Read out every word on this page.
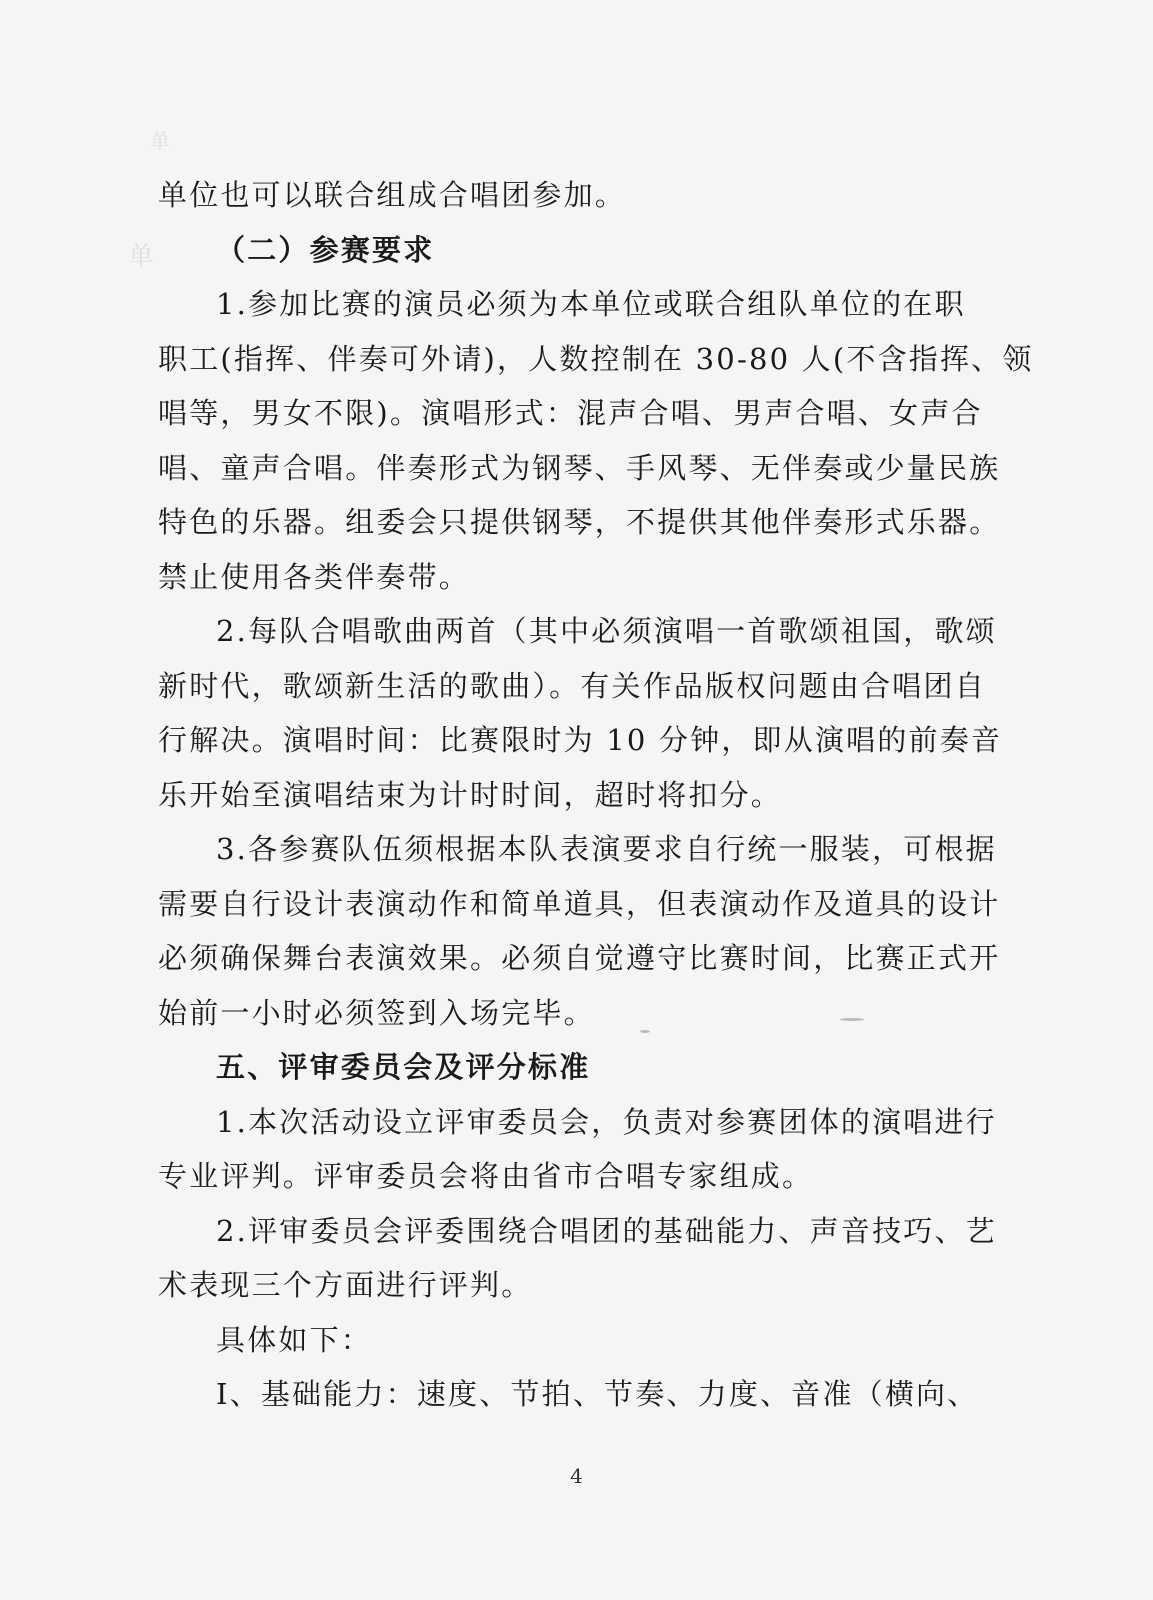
单
单
单位也可以联合组成合唱团参加。
（二）参赛要求
1.参加比赛的演员必须为本单位或联合组队单位的在职
职工(指挥、伴奏可外请)，人数控制在 30-80 人(不含指挥、领
唱等，男女不限)。演唱形式：混声合唱、男声合唱、女声合
唱、童声合唱。伴奏形式为钢琴、手风琴、无伴奏或少量民族
特色的乐器。组委会只提供钢琴，不提供其他伴奏形式乐器。
禁止使用各类伴奏带。
2.每队合唱歌曲两首（其中必须演唱一首歌颂祖国，歌颂
新时代，歌颂新生活的歌曲）。有关作品版权问题由合唱团自
行解决。演唱时间：比赛限时为 10 分钟，即从演唱的前奏音
乐开始至演唱结束为计时时间，超时将扣分。
3.各参赛队伍须根据本队表演要求自行统一服装，可根据
需要自行设计表演动作和简单道具，但表演动作及道具的设计
必须确保舞台表演效果。必须自觉遵守比赛时间，比赛正式开
始前一小时必须签到入场完毕。
五、评审委员会及评分标准
1.本次活动设立评审委员会，负责对参赛团体的演唱进行
专业评判。评审委员会将由省市合唱专家组成。
2.评审委员会评委围绕合唱团的基础能力、声音技巧、艺
术表现三个方面进行评判。
具体如下：
Ⅰ、基础能力：速度、节拍、节奏、力度、音准（横向、
4
